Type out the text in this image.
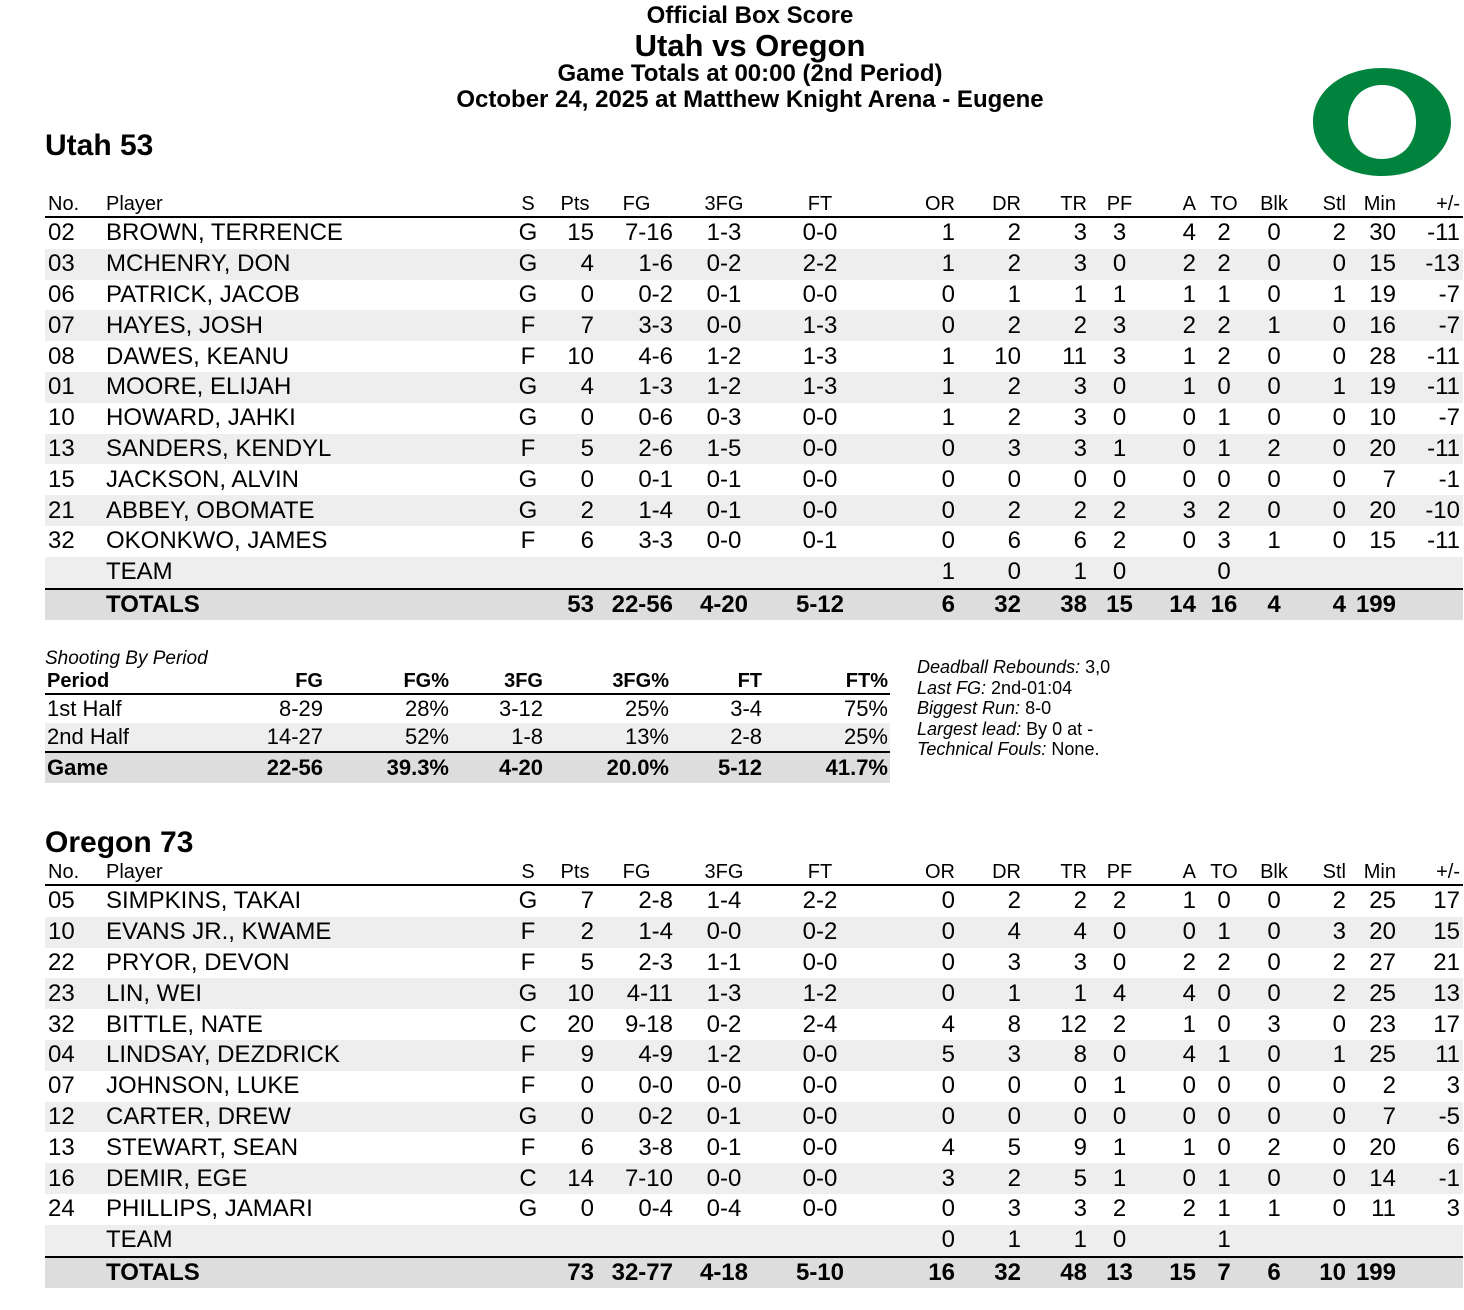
Official Box Score
Utah vs Oregon
Game Totals at 00:00 (2nd Period)
October 24, 2025 at Matthew Knight Arena - Eugene
Utah 53
No.	Player	S	Pts	FG	3FG	FT	OR	DR	TR	PF	A	TO	Blk	Stl	Min	+/-
02	BROWN, TERRENCE	G	15	7-16	1-3	0-0	1	2	3	3	4	2	0	2	30	-11
03	MCHENRY, DON	G	4	1-6	0-2	2-2	1	2	3	0	2	2	0	0	15	-13
06	PATRICK, JACOB	G	0	0-2	0-1	0-0	0	1	1	1	1	1	0	1	19	-7
07	HAYES, JOSH	F	7	3-3	0-0	1-3	0	2	2	3	2	2	1	0	16	-7
08	DAWES, KEANU	F	10	4-6	1-2	1-3	1	10	11	3	1	2	0	0	28	-11
01	MOORE, ELIJAH	G	4	1-3	1-2	1-3	1	2	3	0	1	0	0	1	19	-11
10	HOWARD, JAHKI	G	0	0-6	0-3	0-0	1	2	3	0	0	1	0	0	10	-7
13	SANDERS, KENDYL	F	5	2-6	1-5	0-0	0	3	3	1	0	1	2	0	20	-11
15	JACKSON, ALVIN	G	0	0-1	0-1	0-0	0	0	0	0	0	0	0	0	7	-1
21	ABBEY, OBOMATE	G	2	1-4	0-1	0-0	0	2	2	2	3	2	0	0	20	-10
32	OKONKWO, JAMES	F	6	3-3	0-0	0-1	0	6	6	2	0	3	1	0	15	-11
	TEAM						1	0	1	0		0				
	TOTALS		53	22-56	4-20	5-12	6	32	38	15	14	16	4	4	199	
Shooting By Period
Period	FG	FG%	3FG	3FG%	FT	FT%
1st Half	8-29	28%	3-12	25%	3-4	75%
2nd Half	14-27	52%	1-8	13%	2-8	25%
Game	22-56	39.3%	4-20	20.0%	5-12	41.7%
Deadball Rebounds: 3,0
Last FG: 2nd-01:04
Biggest Run: 8-0
Largest lead: By 0 at -
Technical Fouls: None.
Oregon 73
No.	Player	S	Pts	FG	3FG	FT	OR	DR	TR	PF	A	TO	Blk	Stl	Min	+/-
05	SIMPKINS, TAKAI	G	7	2-8	1-4	2-2	0	2	2	2	1	0	0	2	25	17
10	EVANS JR., KWAME	F	2	1-4	0-0	0-2	0	4	4	0	0	1	0	3	20	15
22	PRYOR, DEVON	F	5	2-3	1-1	0-0	0	3	3	0	2	2	0	2	27	21
23	LIN, WEI	G	10	4-11	1-3	1-2	0	1	1	4	4	0	0	2	25	13
32	BITTLE, NATE	C	20	9-18	0-2	2-4	4	8	12	2	1	0	3	0	23	17
04	LINDSAY, DEZDRICK	F	9	4-9	1-2	0-0	5	3	8	0	4	1	0	1	25	11
07	JOHNSON, LUKE	F	0	0-0	0-0	0-0	0	0	0	1	0	0	0	0	2	3
12	CARTER, DREW	G	0	0-2	0-1	0-0	0	0	0	0	0	0	0	0	7	-5
13	STEWART, SEAN	F	6	3-8	0-1	0-0	4	5	9	1	1	0	2	0	20	6
16	DEMIR, EGE	C	14	7-10	0-0	0-0	3	2	5	1	0	1	0	0	14	-1
24	PHILLIPS, JAMARI	G	0	0-4	0-4	0-0	0	3	3	2	2	1	1	0	11	3
	TEAM						0	1	1	0		1				
	TOTALS		73	32-77	4-18	5-10	16	32	48	13	15	7	6	10	199	
